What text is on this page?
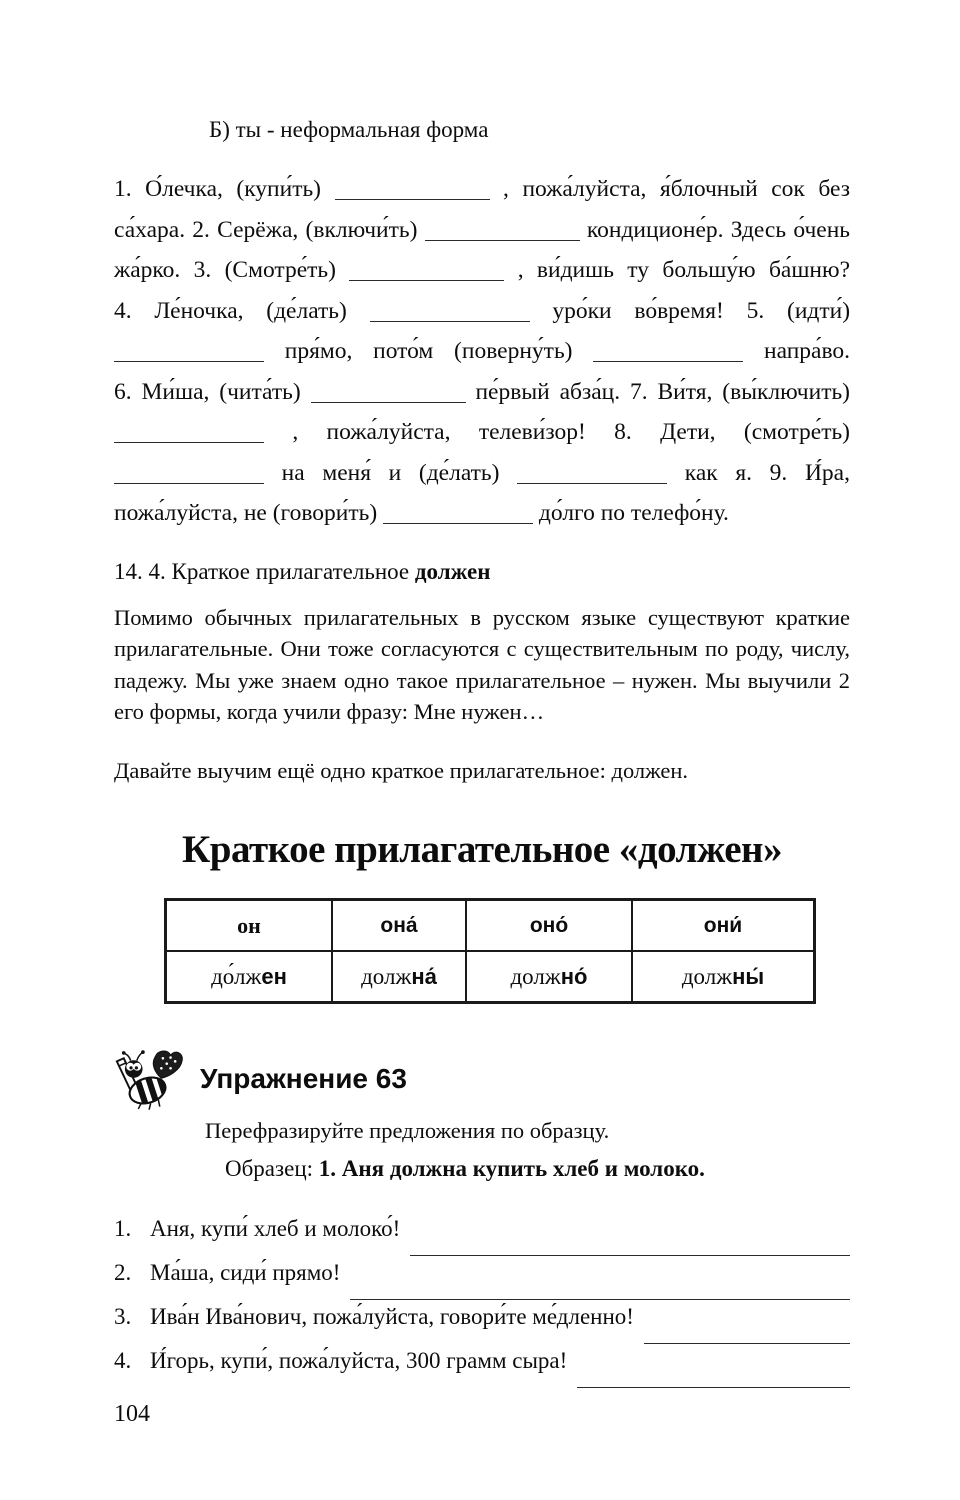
Б) ты - неформальная форма
1. О́лечка, (купи́ть)	, пожа́луйста, я́блочный сок без
са́хара. 2. Серёжа, (включи́ть)	кондиционе́р. Здесь о́чень
жа́рко. 3. (Смотре́ть)	, ви́дишь ту большу́ю ба́шню?
4. Ле́ночка, (де́лать)	уро́ки во́время! 5. (идти́)
пря́мо, пото́м (поверну́ть)	напра́во.
6. Ми́ша, (чита́ть)	пе́рвый абза́ц. 7. Ви́тя, (вы́ключить)
, пожа́луйста, телеви́зор! 8. Дети, (смотре́ть)
на меня́ и (де́лать)	как я. 9. И́ра,
пожа́луйста, не (говори́ть)	до́лго по телефо́ну.
14. 4. Краткое прилагательное должен

Помимо обычных прилагательных в русском языке существуют краткие прилагательные. Они тоже согласуются с существительным по роду, числу, падежу. Мы уже знаем одно такое прилагательное – нужен. Мы выучили 2 его формы, когда учили фразу: Мне нужен…

Давайте выучим ещё одно краткое прилагательное: должен.

Краткое прилагательное «должен»
он	она́	оно́	они́
до́лжен	должна́	должно́	должны́
Упражнение 63

Перефразируйте предложения по образцу.

Образец: 1. Аня должна купить хлеб и молоко.

1. Аня, купи́ хлеб и молоко́!
2. Ма́ша, сиди́ прямо!
3. Ива́н Ива́нович, пожа́луйста, говори́те ме́дленно!
4. И́горь, купи́, пожа́луйста, 300 грамм сыра!
104
